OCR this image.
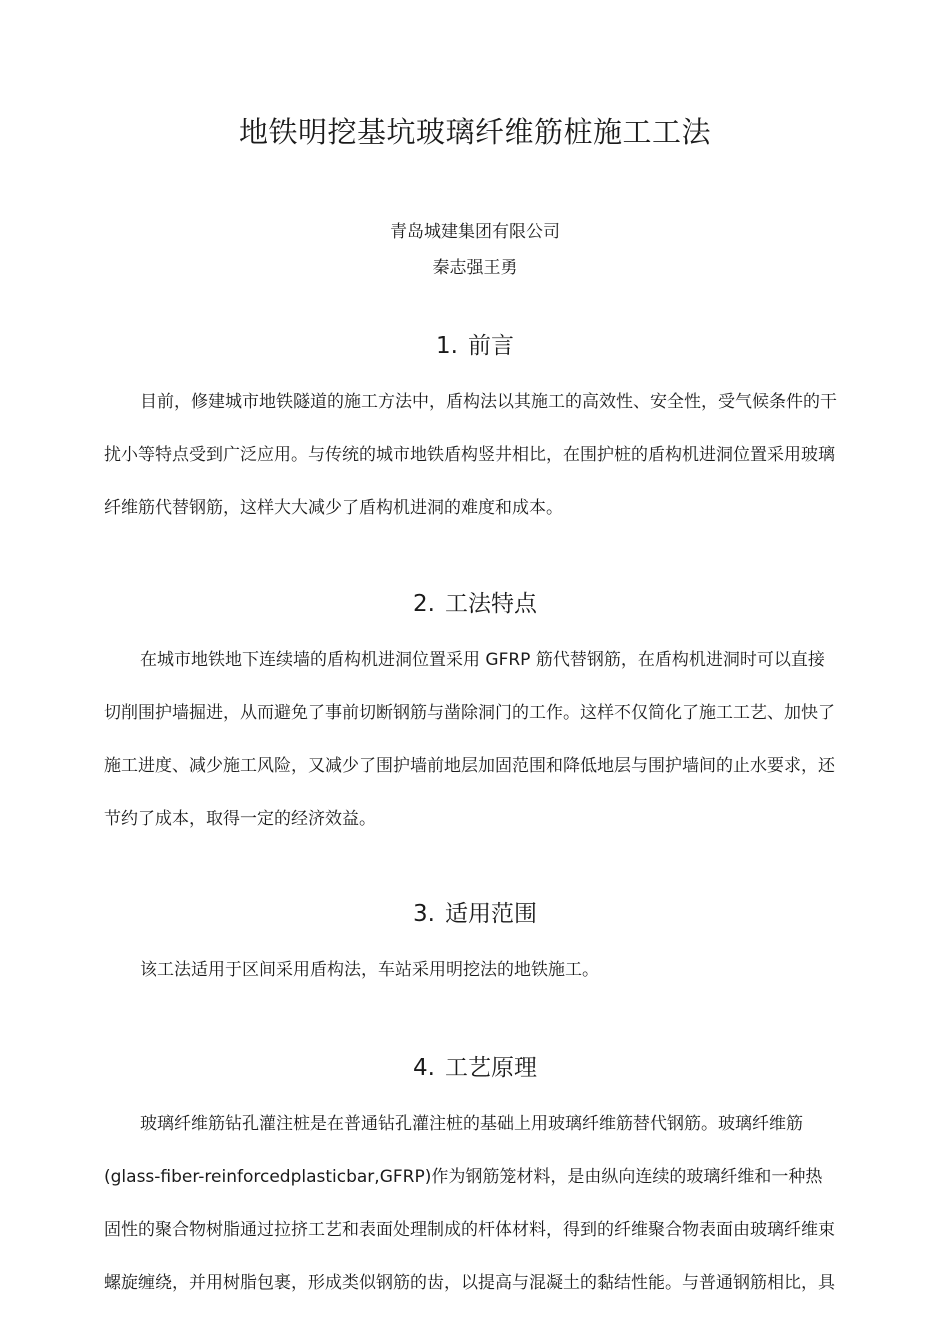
地铁明挖基坑玻璃纤维筋桩施工工法
青岛城建集团有限公司
秦志强王勇
1. 前言
目前，修建城市地铁隧道的施工方法中，盾构法以其施工的高效性、安全性，受气候条件的干
扰小等特点受到广泛应用。与传统的城市地铁盾构竖井相比，在围护桩的盾构机进洞位置采用玻璃
纤维筋代替钢筋，这样大大减少了盾构机进洞的难度和成本。
2. 工法特点
在城市地铁地下连续墙的盾构机进洞位置采用 GFRP 筋代替钢筋，在盾构机进洞时可以直接
切削围护墙掘进，从而避免了事前切断钢筋与凿除洞门的工作。这样不仅简化了施工工艺、加快了
施工进度、减少施工风险，又减少了围护墙前地层加固范围和降低地层与围护墙间的止水要求，还
节约了成本，取得一定的经济效益。
3. 适用范围
该工法适用于区间采用盾构法，车站采用明挖法的地铁施工。
4. 工艺原理
玻璃纤维筋钻孔灌注桩是在普通钻孔灌注桩的基础上用玻璃纤维筋替代钢筋。玻璃纤维筋
(glass-fiber-reinforcedplasticbar,GFRP)作为钢筋笼材料，是由纵向连续的玻璃纤维和一种热
固性的聚合物树脂通过拉挤工艺和表面处理制成的杆体材料，得到的纤维聚合物表面由玻璃纤维束
螺旋缠绕，并用树脂包裹，形成类似钢筋的齿，以提高与混凝土的黏结性能。与普通钢筋相比，具
